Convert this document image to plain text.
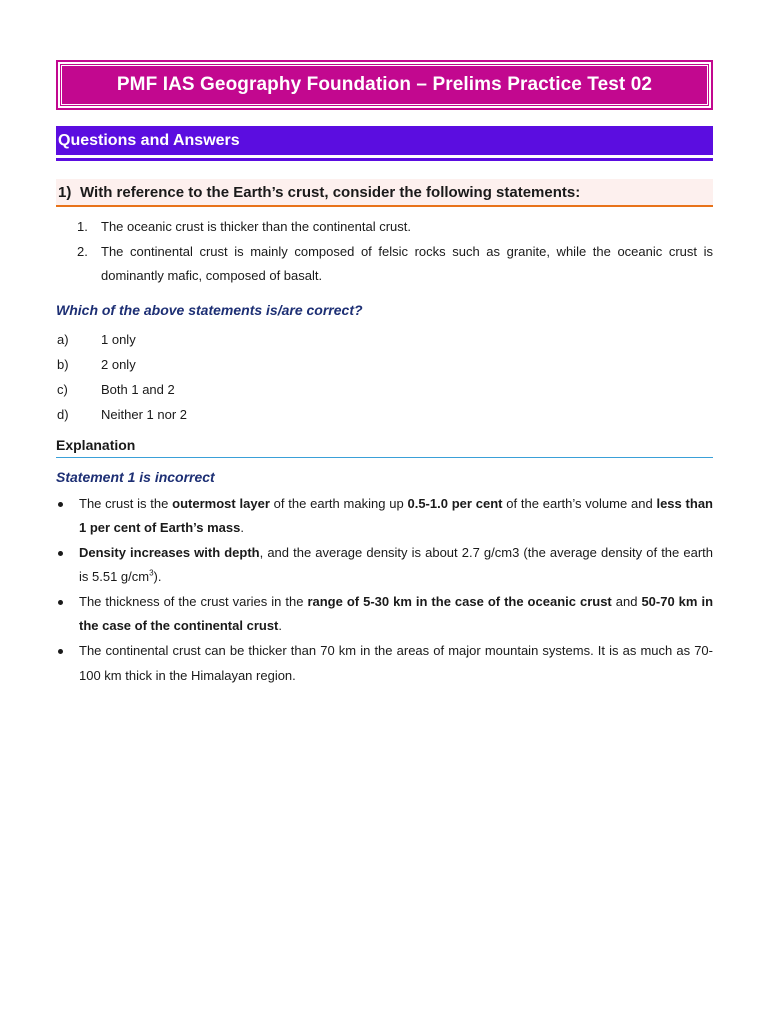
PMF IAS Geography Foundation – Prelims Practice Test 02
Questions and Answers
1) With reference to the Earth’s crust, consider the following statements:
1. The oceanic crust is thicker than the continental crust.
2. The continental crust is mainly composed of felsic rocks such as granite, while the oceanic crust is dominantly mafic, composed of basalt.
Which of the above statements is/are correct?
a) 1 only
b) 2 only
c)	Both 1 and 2
d) Neither 1 nor 2
Explanation
Statement 1 is incorrect
The crust is the outermost layer of the earth making up 0.5-1.0 per cent of the earth’s volume and less than 1 per cent of Earth’s mass.
Density increases with depth, and the average density is about 2.7 g/cm3 (the average density of the earth is 5.51 $g/cm^3$).
The thickness of the crust varies in the range of 5-30 km in the case of the oceanic crust and 50-70 km in the case of the continental crust.
The continental crust can be thicker than 70 km in the areas of major mountain systems. It is as much as 70-100 km thick in the Himalayan region.
